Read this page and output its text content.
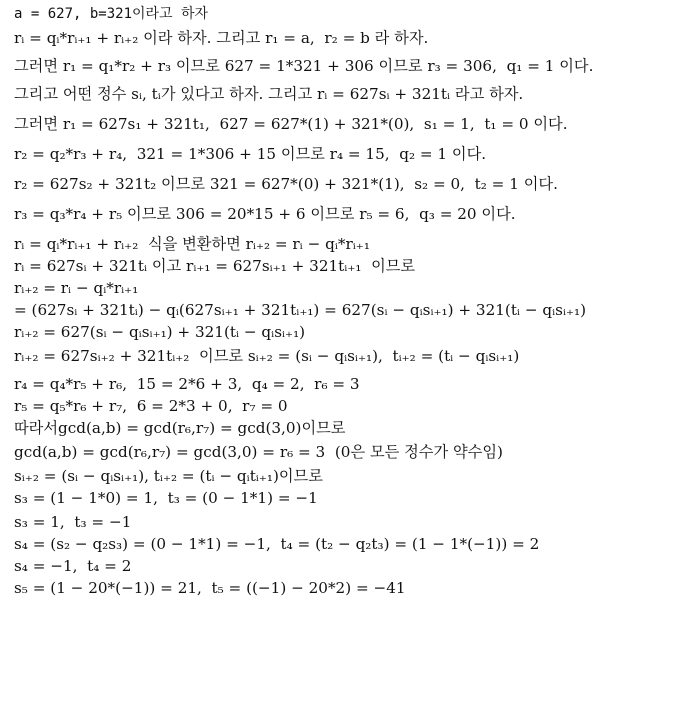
a = 627, b=321이라고 하자
rᵢ = qᵢ*rᵢ₊₁ + rᵢ₊₂ 이라 하자. 그리고 r₁ = a,  r₂ = b 라 하자.
그러면 r₁ = q₁*r₂ + r₃ 이므로 627 = 1*321 + 306 이므로 r₃ = 306,  q₁ = 1 이다.
그리고 어떤 정수 sᵢ, tᵢ가 있다고 하자. 그리고 rᵢ = 627sᵢ + 321tᵢ 라고 하자.
그러면 r₁ = 627s₁ + 321t₁,  627 = 627*(1) + 321*(0),  s₁ = 1,  t₁ = 0 이다.
r₂ = q₂*r₃ + r₄,  321 = 1*306 + 15 이므로 r₄ = 15,  q₂ = 1 이다.
r₂ = 627s₂ + 321t₂ 이므로 321 = 627*(0) + 321*(1),  s₂ = 0,  t₂ = 1 이다.
r₃ = q₃*r₄ + r₅ 이므로 306 = 20*15 + 6 이므로 r₅ = 6,  q₃ = 20 이다.
rᵢ = qᵢ*rᵢ₊₁ + rᵢ₊₂  식을 변환하면 rᵢ₊₂ = rᵢ − qᵢ*rᵢ₊₁
rᵢ = 627sᵢ + 321tᵢ 이고 rᵢ₊₁ = 627sᵢ₊₁ + 321tᵢ₊₁  이므로
rᵢ₊₂ = rᵢ − qᵢ*rᵢ₊₁
= (627sᵢ + 321tᵢ) − qᵢ(627sᵢ₊₁ + 321tᵢ₊₁) = 627(sᵢ − qᵢsᵢ₊₁) + 321(tᵢ − qᵢsᵢ₊₁)
rᵢ₊₂ = 627(sᵢ − qᵢsᵢ₊₁) + 321(tᵢ − qᵢsᵢ₊₁)
rᵢ₊₂ = 627sᵢ₊₂ + 321tᵢ₊₂  이므로 sᵢ₊₂ = (sᵢ − qᵢsᵢ₊₁),  tᵢ₊₂ = (tᵢ − qᵢsᵢ₊₁)
r₄ = q₄*r₅ + r₆,  15 = 2*6 + 3,  q₄ = 2,  r₆ = 3
r₅ = q₅*r₆ + r₇,  6 = 2*3 + 0,  r₇ = 0
따라서gcd(a,b) = gcd(r₆,r₇) = gcd(3,0)이므로
gcd(a,b) = gcd(r₆,r₇) = gcd(3,0) = r₆ = 3  (0은 모든 정수가 약수임)
sᵢ₊₂ = (sᵢ − qᵢsᵢ₊₁), tᵢ₊₂ = (tᵢ − qᵢtᵢ₊₁)이므로
s₃ = (1 − 1*0) = 1,  t₃ = (0 − 1*1) = −1
s₃ = 1,  t₃ = −1
s₄ = (s₂ − q₂s₃) = (0 − 1*1) = −1,  t₄ = (t₂ − q₂t₃) = (1 − 1*(−1)) = 2
s₄ = −1,  t₄ = 2
s₅ = (1 − 20*(−1)) = 21,  t₅ = ((−1) − 20*2) = −41
